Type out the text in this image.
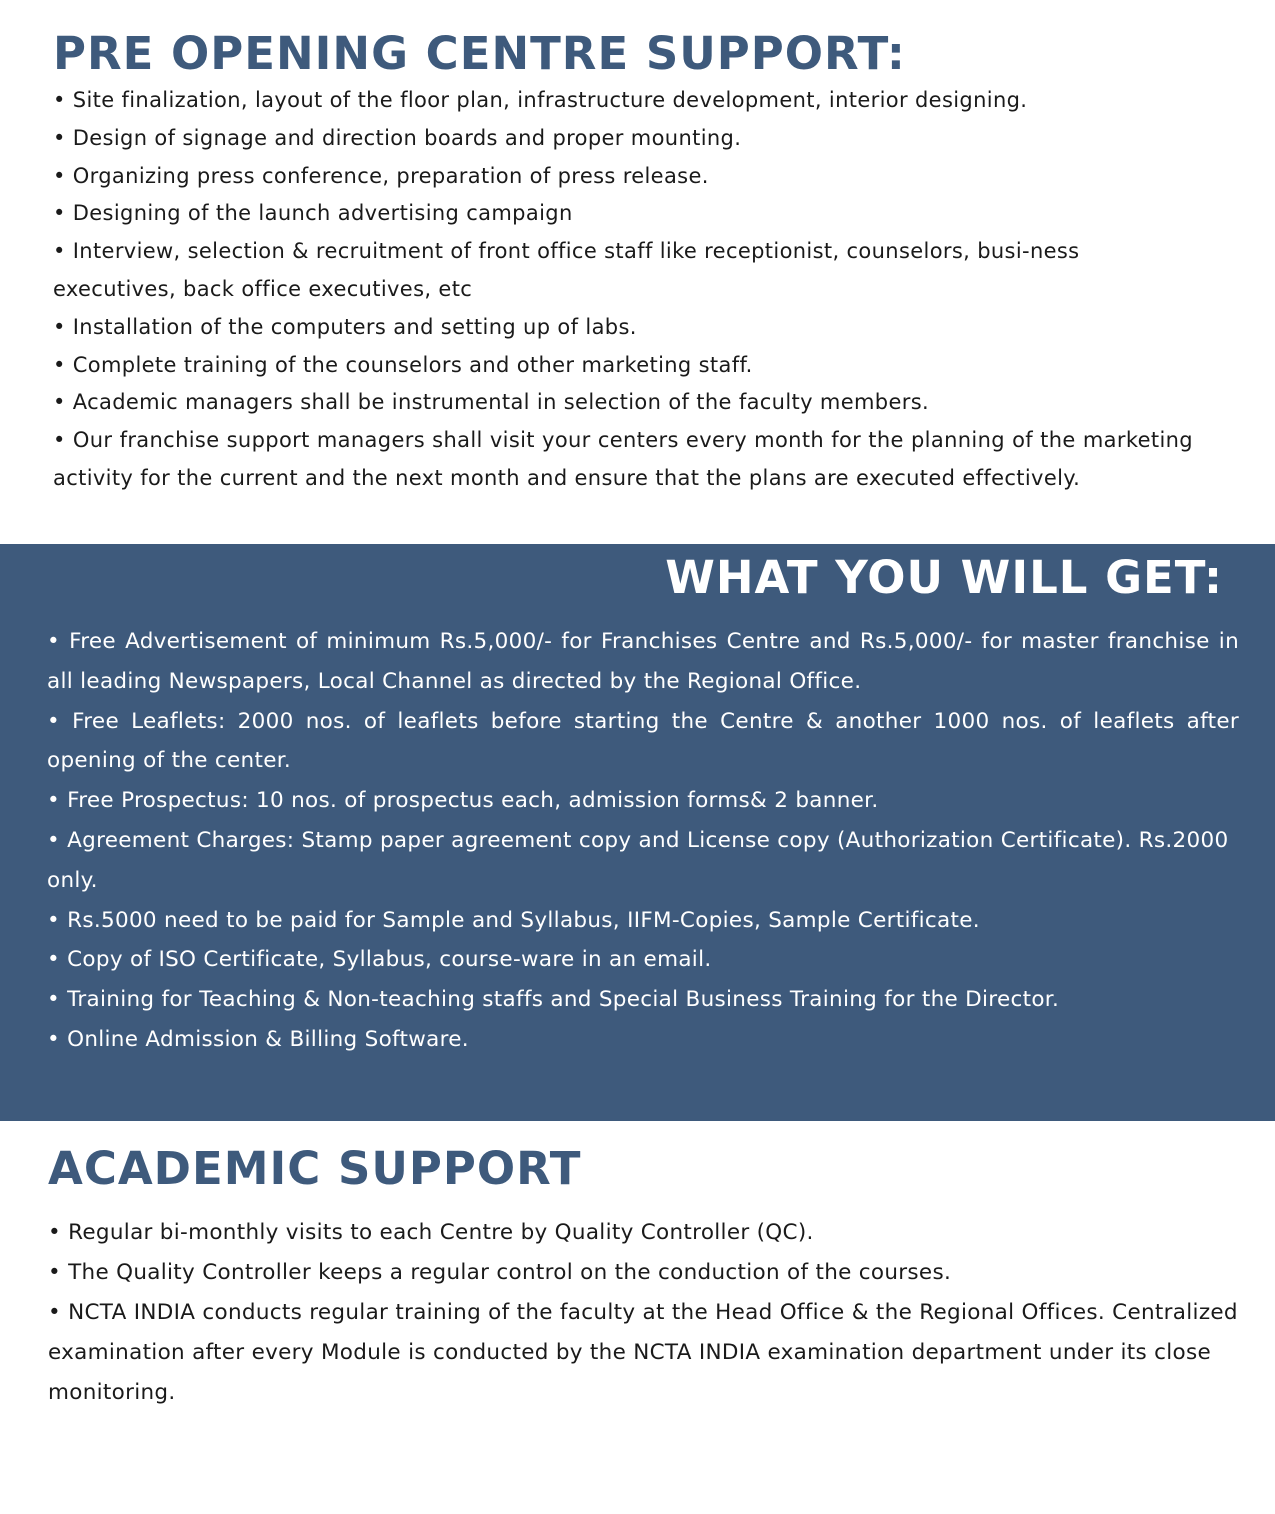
PRE OPENING CENTRE SUPPORT:
• Site finalization, layout of the floor plan, infrastructure development, interior designing.
• Design of signage and direction boards and proper mounting.
• Organizing press conference, preparation of press release.
• Designing of the launch advertising campaign
• Interview, selection & recruitment of front office staff like receptionist, counselors, busi-ness executives, back office executives, etc
• Installation of the computers and setting up of labs.
• Complete training of the counselors and other marketing staff.
• Academic managers shall be instrumental in selection of the faculty members.
• Our franchise support managers shall visit your centers every month for the planning of the marketing activity for the current and the next month and ensure that the plans are executed effectively.
WHAT YOU WILL GET:
• Free Advertisement of minimum Rs.5,000/- for Franchises Centre and Rs.5,000/- for master franchise in all leading Newspapers, Local Channel as directed by the Regional Office.
• Free Leaflets: 2000 nos. of leaflets before starting the Centre & another 1000 nos. of leaflets after opening of the center.
• Free Prospectus: 10 nos. of prospectus each, admission forms& 2 banner.
• Agreement Charges: Stamp paper agreement copy and License copy (Authorization Certificate). Rs.2000 only.
• Rs.5000 need to be paid for Sample and Syllabus, IIFM-Copies, Sample Certificate.
• Copy of ISO Certificate, Syllabus, course-ware in an email.
• Training for Teaching & Non-teaching staffs and Special Business Training for the Director.
• Online Admission & Billing Software.
ACADEMIC SUPPORT
• Regular bi-monthly visits to each Centre by Quality Controller (QC).
• The Quality Controller keeps a regular control on the conduction of the courses.
• NCTA INDIA conducts regular training of the faculty at the Head Office & the Regional Offices. Centralized examination after every Module is conducted by the NCTA INDIA examination department under its close monitoring.
